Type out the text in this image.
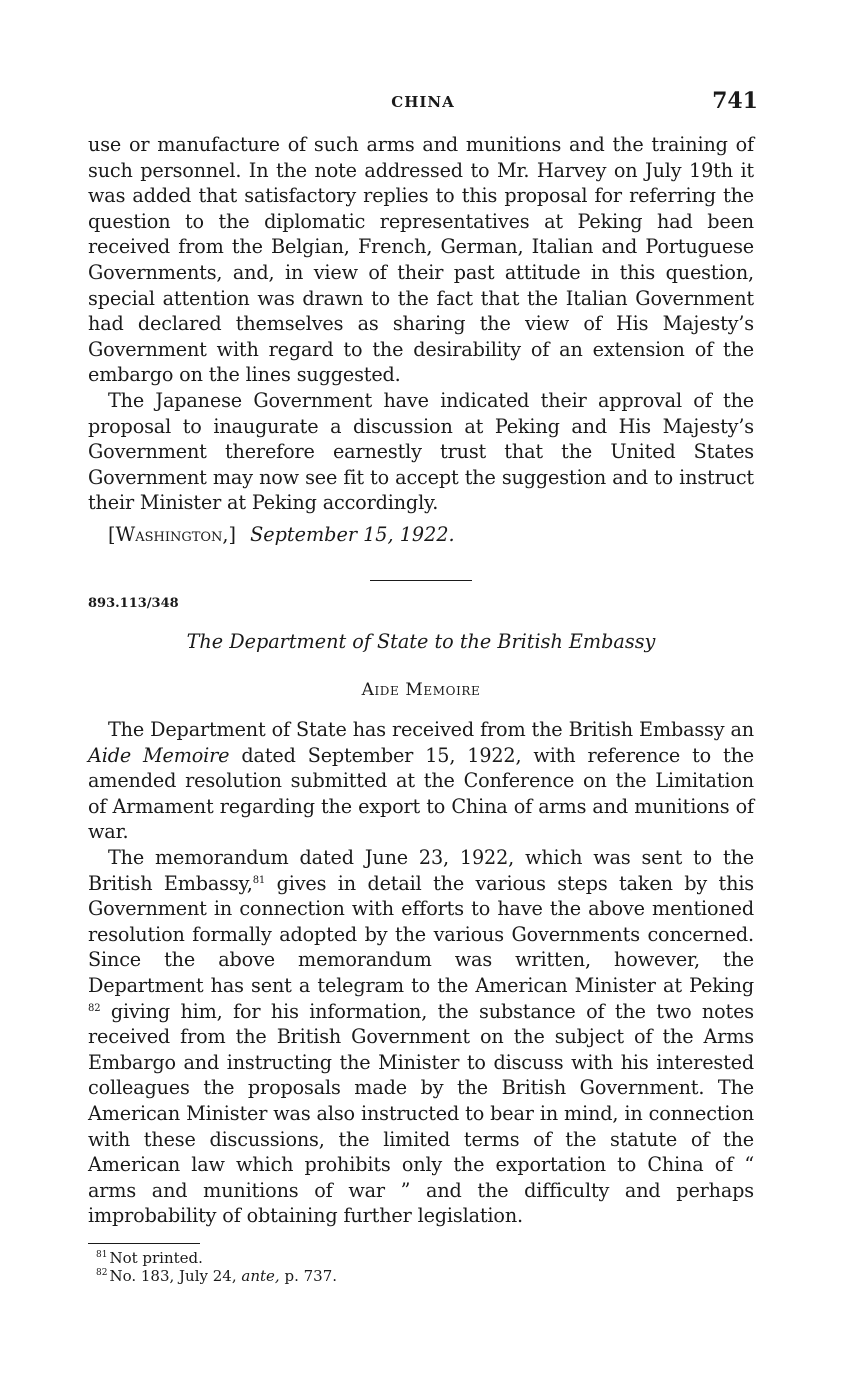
CHINA	741

use or manufacture of such arms and munitions and the training of such personnel. In the note addressed to Mr. Harvey on July 19th it was added that satisfactory replies to this proposal for referring the question to the diplomatic representatives at Peking had been received from the Belgian, French, German, Italian and Portuguese Governments, and, in view of their past attitude in this question, special attention was drawn to the fact that the Italian Government had declared themselves as sharing the view of His Majesty’s Government with regard to the desirability of an extension of the embargo on the lines suggested.

The Japanese Government have indicated their approval of the proposal to inaugurate a discussion at Peking and His Majesty’s Government therefore earnestly trust that the United States Government may now see fit to accept the suggestion and to instruct their Minister at Peking accordingly.

[Washington,] September 15, 1922.
893.113/348
The Department of State to the British Embassy
Aide Memoire

The Department of State has received from the British Embassy an Aide Memoire dated September 15, 1922, with reference to the amended resolution submitted at the Conference on the Limitation of Armament regarding the export to China of arms and munitions of war.

The memorandum dated June 23, 1922, which was sent to the British Embassy,$^{81}$ gives in detail the various steps taken by this Government in connection with efforts to have the above mentioned resolution formally adopted by the various Governments concerned. Since the above memorandum was written, however, the Department has sent a telegram to the American Minister at Peking $^{82}$ giving him, for his information, the substance of the two notes received from the British Government on the subject of the Arms Embargo and instructing the Minister to discuss with his interested colleagues the proposals made by the British Government. The American Minister was also instructed to bear in mind, in connection with these discussions, the limited terms of the statute of the American law which prohibits only the exportation to China of “ arms and munitions of war ” and the difficulty and perhaps improbability of obtaining further legislation.

$^{81}$ Not printed.
$^{82}$ No. 183, July 24, ante, p. 737.
